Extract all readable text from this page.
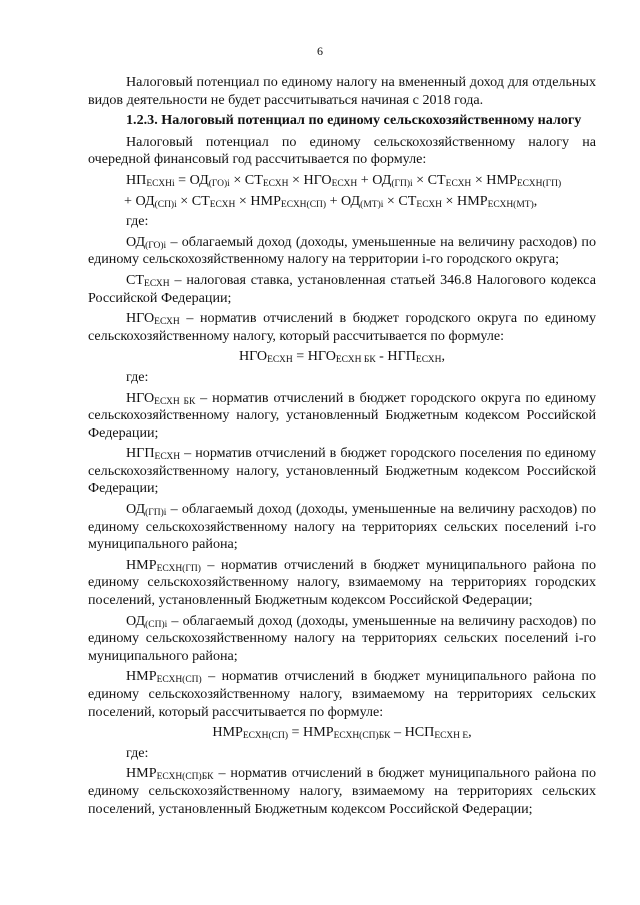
6
Налоговый потенциал по единому налогу на вмененный доход для отдельных видов деятельности не будет рассчитываться начиная с 2018 года.
1.2.3. Налоговый потенциал по единому сельскохозяйственному налогу
Налоговый потенциал по единому сельскохозяйственному налогу на очередной финансовый год рассчитывается по формуле:
$НП_{ЕСХНi} = ОД_{(ГО)i} \times СТ_{ЕСХН} \times НГО_{ЕСХН} + ОД_{(ГП)i} \times СТ_{ЕСХН} \times НМР_{ЕСХН(ГП)}$
+ $ОД_{(СП)i} \times СТ_{ЕСХН} \times НМР_{ЕСХН(СП)} + ОД_{(МТ)i} \times СТ_{ЕСХН} \times НМР_{ЕСХН(МТ)}$,
где:
$ОД_{(ГО)i}$ – облагаемый доход (доходы, уменьшенные на величину расходов) по единому сельскохозяйственному налогу на территории i-го городского округа;
$СТ_{ЕСХН}$ – налоговая ставка, установленная статьей 346.8 Налогового кодекса Российской Федерации;
$НГО_{ЕСХН}$ – норматив отчислений в бюджет городского округа по единому сельскохозяйственному налогу, который рассчитывается по формуле:
$НГО_{ЕСХН} = НГО_{ЕСХН БК} - НГП_{ЕСХН}$,
где:
$НГО_{ЕСХН БК}$ – норматив отчислений в бюджет городского округа по единому сельскохозяйственному налогу, установленный Бюджетным кодексом Российской Федерации;
$НГП_{ЕСХН}$ – норматив отчислений в бюджет городского поселения по единому сельскохозяйственному налогу, установленный Бюджетным кодексом Российской Федерации;
$ОД_{(ГП)i}$ – облагаемый доход (доходы, уменьшенные на величину расходов) по единому сельскохозяйственному налогу на территориях сельских поселений i-го муниципального района;
$НМР_{ЕСХН(ГП)}$ – норматив отчислений в бюджет муниципального района по единому сельскохозяйственному налогу, взимаемому на территориях городских поселений, установленный Бюджетным кодексом Российской Федерации;
$ОД_{(СП)i}$ – облагаемый доход (доходы, уменьшенные на величину расходов) по единому сельскохозяйственному налогу на территориях сельских поселений i-го муниципального района;
$НМР_{ЕСХН(СП)}$ – норматив отчислений в бюджет муниципального района по единому сельскохозяйственному налогу, взимаемому на территориях сельских поселений, который рассчитывается по формуле:
$НМР_{ЕСХН(СП)} = НМР_{ЕСХН(СП)БК} - НСП_{ЕСХН Е}$,
где:
$НМР_{ЕСХН(СП)БК}$ – норматив отчислений в бюджет муниципального района по единому сельскохозяйственному налогу, взимаемому на территориях сельских поселений, установленный Бюджетным кодексом Российской Федерации;
